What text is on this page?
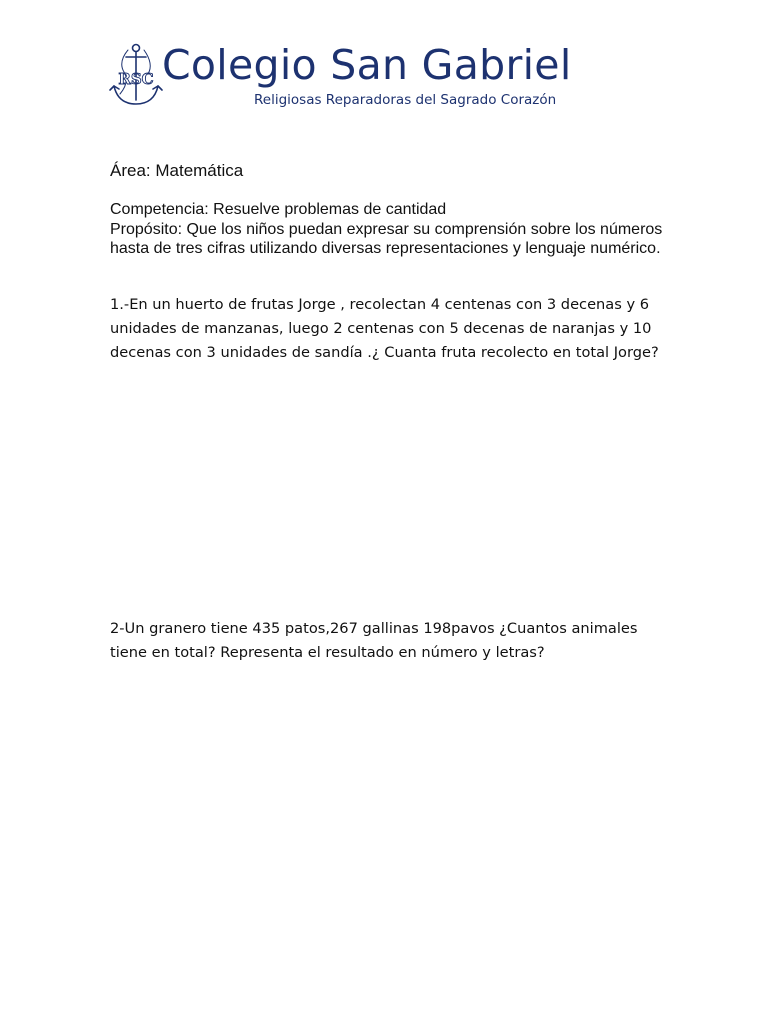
RSC Colegio San Gabriel
Religiosas Reparadoras del Sagrado Corazón
Área: Matemática

Competencia: Resuelve problemas de cantidad

Propósito: Que los niños puedan expresar su comprensión sobre los números hasta de tres cifras utilizando diversas representaciones y lenguaje numérico.

1.-En un huerto de frutas Jorge , recolectan 4 centenas con 3 decenas y 6 unidades de manzanas, luego 2 centenas con 5 decenas de naranjas y 10 decenas con 3 unidades de sandía .¿ Cuanta fruta recolecto en total Jorge?

2-Un granero tiene 435 patos,267 gallinas 198pavos ¿Cuantos animales tiene en total? Representa el resultado en número y letras?
